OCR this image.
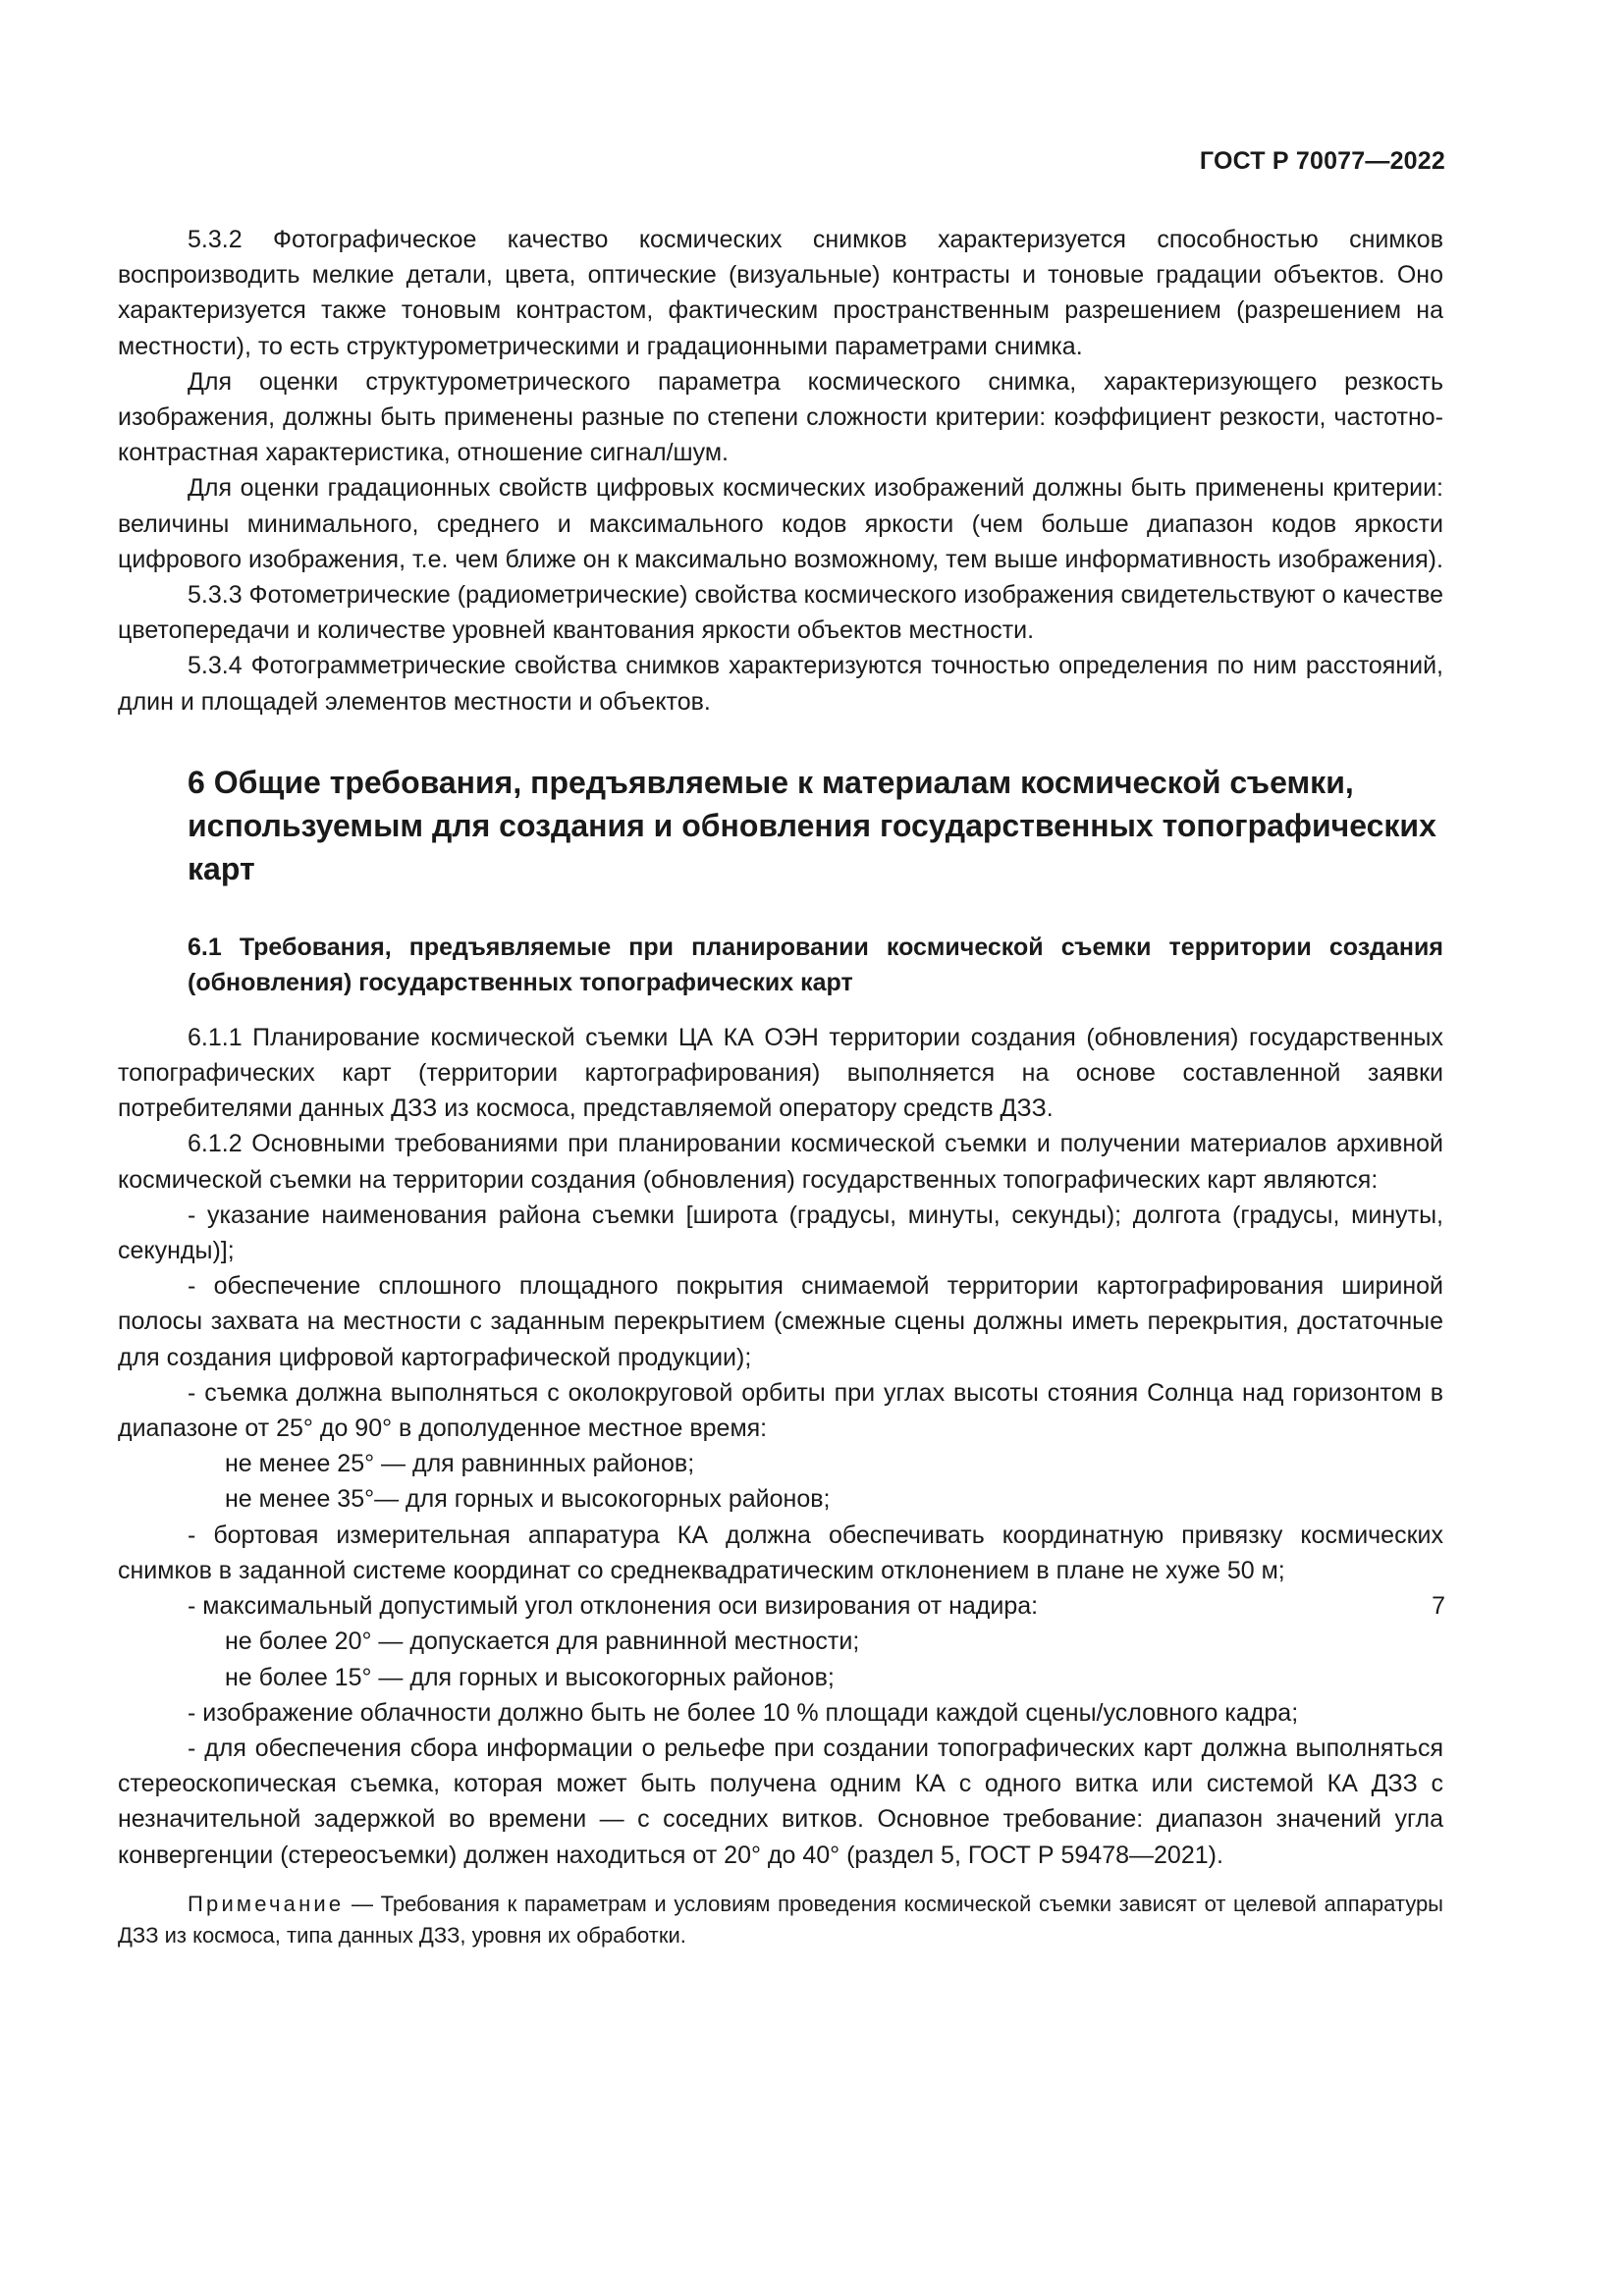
ГОСТ Р 70077—2022

5.3.2 Фотографическое качество космических снимков характеризуется способностью снимков воспроизводить мелкие детали, цвета, оптические (визуальные) контрасты и тоновые градации объектов. Оно характеризуется также тоновым контрастом, фактическим пространственным разрешением (разрешением на местности), то есть структурометрическими и градационными параметрами снимка.

Для оценки структурометрического параметра космического снимка, характеризующего резкость изображения, должны быть применены разные по степени сложности критерии: коэффициент резкости, частотно-контрастная характеристика, отношение сигнал/шум.

Для оценки градационных свойств цифровых космических изображений должны быть применены критерии: величины минимального, среднего и максимального кодов яркости (чем больше диапазон кодов яркости цифрового изображения, т.е. чем ближе он к максимально возможному, тем выше информативность изображения).

5.3.3 Фотометрические (радиометрические) свойства космического изображения свидетельствуют о качестве цветопередачи и количестве уровней квантования яркости объектов местности.

5.3.4 Фотограмметрические свойства снимков характеризуются точностью определения по ним расстояний, длин и площадей элементов местности и объектов.

6 Общие требования, предъявляемые к материалам космической съемки, используемым для создания и обновления государственных топографических карт
6.1 Требования, предъявляемые при планировании космической съемки территории создания (обновления) государственных топографических карт

6.1.1 Планирование космической съемки ЦА КА ОЭН территории создания (обновления) государственных топографических карт (территории картографирования) выполняется на основе составленной заявки потребителями данных ДЗЗ из космоса, представляемой оператору средств ДЗЗ.

6.1.2 Основными требованиями при планировании космической съемки и получении материалов архивной космической съемки на территории создания (обновления) государственных топографических карт являются:

- указание наименования района съемки [широта (градусы, минуты, секунды); долгота (градусы, минуты, секунды)];

- обеспечение сплошного площадного покрытия снимаемой территории картографирования шириной полосы захвата на местности с заданным перекрытием (смежные сцены должны иметь перекрытия, достаточные для создания цифровой картографической продукции);

- съемка должна выполняться с околокруговой орбиты при углах высоты стояния Солнца над горизонтом в диапазоне от 25° до 90° в дополуденное местное время:

не менее 25° — для равнинных районов;

не менее 35°— для горных и высокогорных районов;

- бортовая измерительная аппаратура КА должна обеспечивать координатную привязку космических снимков в заданной системе координат со среднеквадратическим отклонением в плане не хуже 50 м;

- максимальный допустимый угол отклонения оси визирования от надира:

не более 20° — допускается для равнинной местности;

не более 15° — для горных и высокогорных районов;

- изображение облачности должно быть не более 10 % площади каждой сцены/условного кадра;

- для обеспечения сбора информации о рельефе при создании топографических карт должна выполняться стереоскопическая съемка, которая может быть получена одним КА с одного витка или системой КА ДЗЗ с незначительной задержкой во времени — с соседних витков. Основное требование: диапазон значений угла конвергенции (стереосъемки) должен находиться от 20° до 40° (раздел 5, ГОСТ Р 59478—2021).

Примечание — Требования к параметрам и условиям проведения космической съемки зависят от целевой аппаратуры ДЗЗ из космоса, типа данных ДЗЗ, уровня их обработки.

7
